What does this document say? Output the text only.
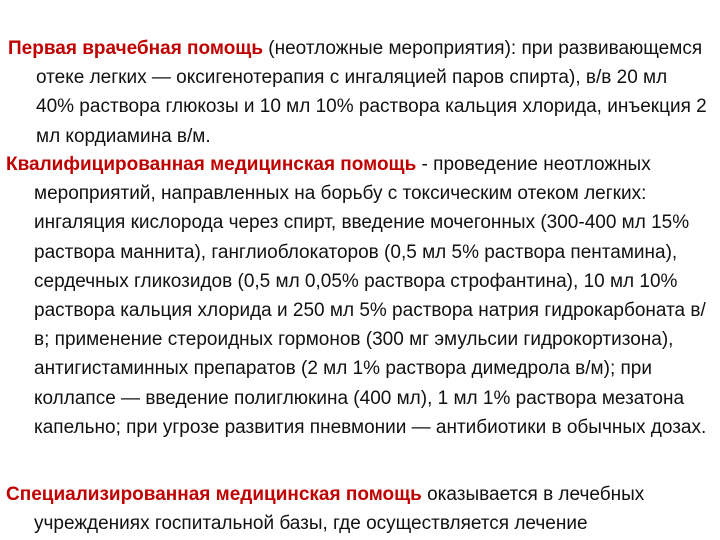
Первая врачебная помощь (неотложные мероприятия): при развивающемся отеке легких — оксигенотерапия с ингаляцией паров спирта), в/в 20 мл 40% раствора глюкозы и 10 мл 10% раствора кальция хлорида, инъекция 2 мл кордиамина в/м.

Квалифицированная медицинская помощь - проведение неотложных мероприятий, направленных на борьбу с токсическим отеком легких: ингаляция кислорода через спирт, введение мочегонных (300-400 мл 15% раствора маннита), ганглиоблокаторов (0,5 мл 5% раствора пентамина), сердечных гликозидов (0,5 мл 0,05% раствора строфантина), 10 мл 10% раствора кальция хлорида и 250 мл 5% раствора натрия гидрокарбоната в/в; применение стероидных гормонов (300 мг эмульсии гидрокортизона), антигистаминных препаратов (2 мл 1% раствора димедрола в/м); при коллапсе — введение полиглюкина (400 мл), 1 мл 1% раствора мезатона капельно; при угрозе развития пневмонии — антибиотики в обычных дозах.

Специализированная медицинская помощь оказывается в лечебных учреждениях госпитальной базы, где осуществляется лечение
